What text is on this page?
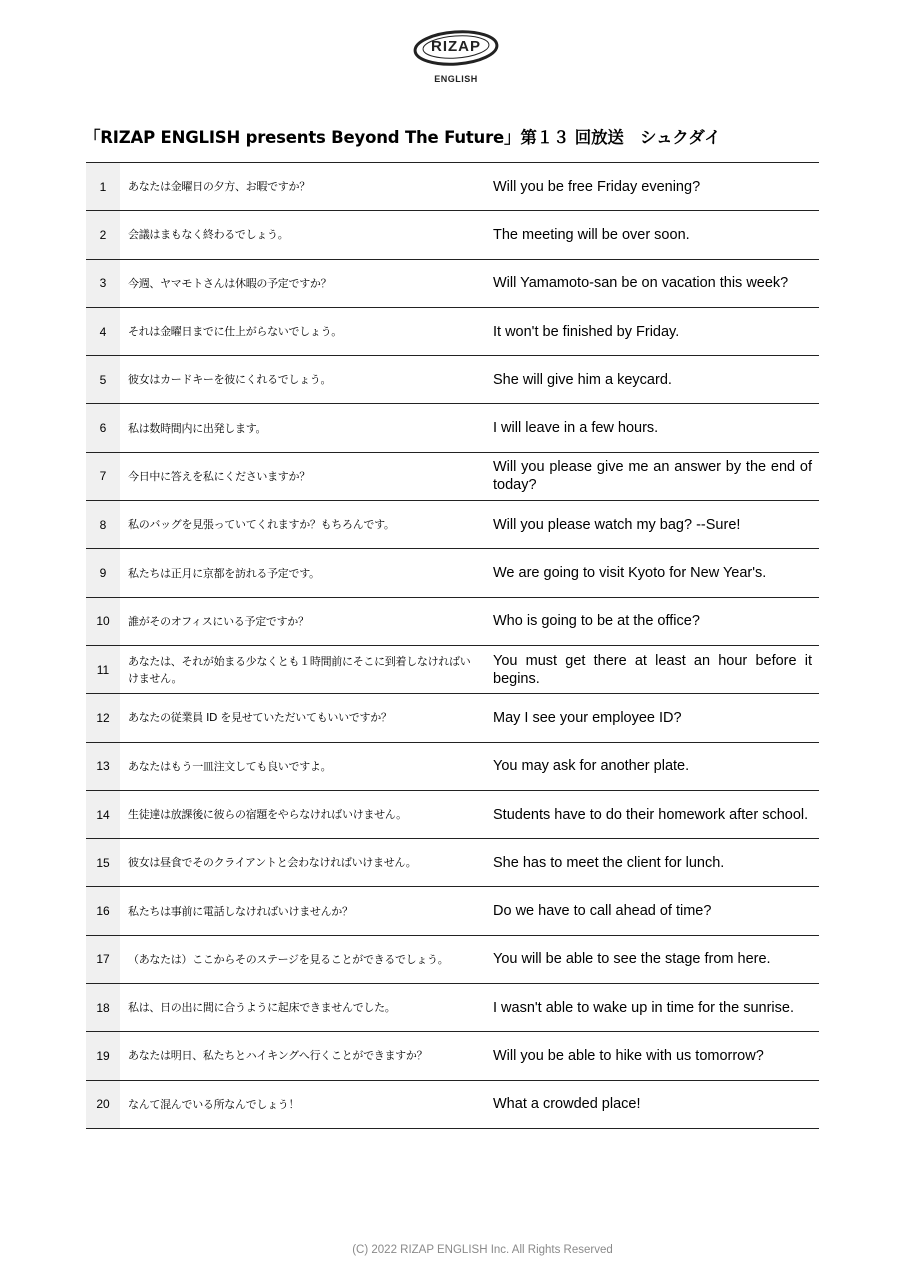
RIZAP
ENGLISH
「RIZAP ENGLISH presents Beyond The Future」第１３ 回放送　シュクダイ
1	あなたは金曜日の夕方、お暇ですか？	Will you be free Friday evening?
2	会議はまもなく終わるでしょう。	The meeting will be over soon.
3	今週、ヤマモトさんは休暇の予定ですか？	Will Yamamoto-san be on vacation this week?
4	それは金曜日までに仕上がらないでしょう。	It won't be finished by Friday.
5	彼女はカードキーを彼にくれるでしょう。	She will give him a keycard.
6	私は数時間内に出発します。	I will leave in a few hours.
7	今日中に答えを私にくださいますか？	Will you please give me an answer by the end of today?
8	私のバッグを見張っていてくれますか？もちろんです。	Will you please watch my bag? --Sure!
9	私たちは正月に京都を訪れる予定です。	We are going to visit Kyoto for New Year's.
10	誰がそのオフィスにいる予定ですか？	Who is going to be at the office?
11	あなたは、それが始まる少なくとも１時間前にそこに到着しなければいけません。	You must get there at least an hour before it begins.
12	あなたの従業員 ID を見せていただいてもいいですか？	May I see your employee ID?
13	あなたはもう一皿注文しても良いですよ。	You may ask for another plate.
14	生徒達は放課後に彼らの宿題をやらなければいけません。	Students have to do their homework after school.
15	彼女は昼食でそのクライアントと会わなければいけません。	She has to meet the client for lunch.
16	私たちは事前に電話しなければいけませんか？	Do we have to call ahead of time?
17	（あなたは）ここからそのステージを見ることができるでしょう。	You will be able to see the stage from here.
18	私は、日の出に間に合うように起床できませんでした。	I wasn't able to wake up in time for the sunrise.
19	あなたは明日、私たちとハイキングへ行くことができますか？	Will you be able to hike with us tomorrow?
20	なんて混んでいる所なんでしょう！	What a crowded place!
(C) 2022 RIZAP ENGLISH Inc. All Rights Reserved
